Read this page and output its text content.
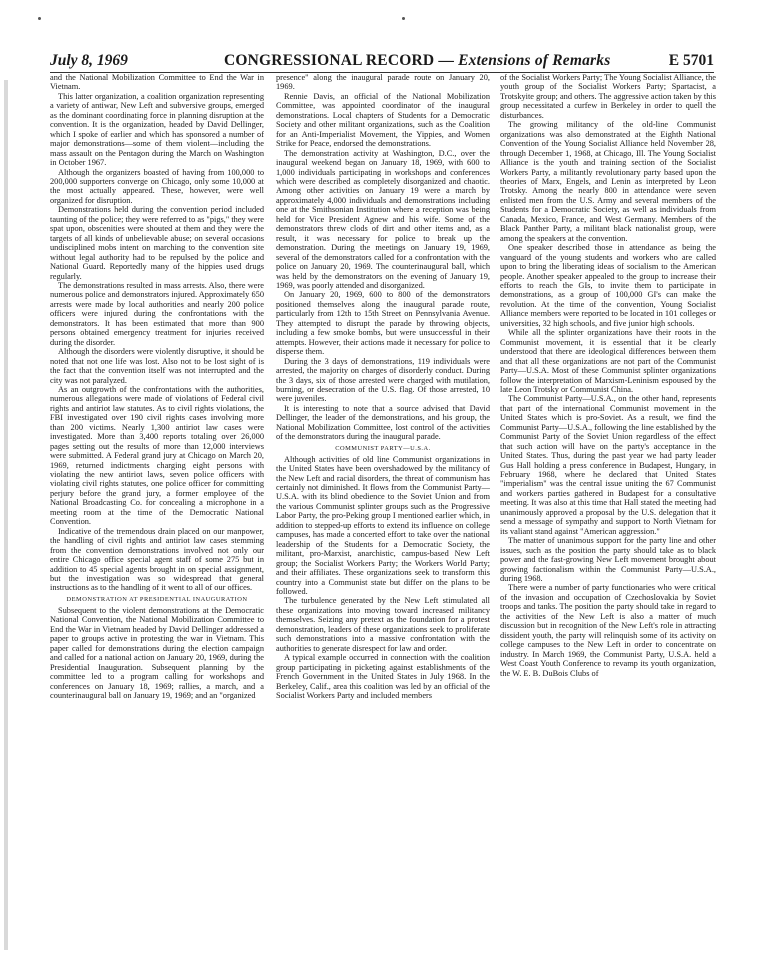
July 8, 1969	CONGRESSIONAL RECORD — Extensions of Remarks	E 5701

and the National Mobilization Committee to End the War in Vietnam.

This latter organization, a coalition organization representing a variety of antiwar, New Left and subversive groups, emerged as the dominant coordinating force in planning disruption at the convention. It is the organization, headed by David Dellinger, which I spoke of earlier and which has sponsored a number of major demonstrations—some of them violent—including the mass assault on the Pentagon during the March on Washington in October 1967.

Although the organizers boasted of having from 100,000 to 200,000 supporters converge on Chicago, only some 10,000 at the most actually appeared. These, however, were well organized for disruption.

Demonstrations held during the convention period included taunting of the police; they were referred to as "pigs," they were spat upon, obscenities were shouted at them and they were the targets of all kinds of unbelievable abuse; on several occasions undisciplined mobs intent on marching to the convention site without legal authority had to be repulsed by the police and National Guard. Reportedly many of the hippies used drugs regularly.

The demonstrations resulted in mass arrests. Also, there were numerous police and demonstrators injured. Approximately 650 arrests were made by local authorities and nearly 200 police officers were injured during the confrontations with the demonstrators. It has been estimated that more than 900 persons obtained emergency treatment for injuries received during the disorder.

Although the disorders were violently disruptive, it should be noted that not one life was lost. Also not to be lost sight of is the fact that the convention itself was not interrupted and the city was not paralyzed.

As an outgrowth of the confrontations with the authorities, numerous allegations were made of violations of Federal civil rights and antiriot law statutes. As to civil rights violations, the FBI investigated over 190 civil rights cases involving more than 200 victims. Nearly 1,300 antiriot law cases were investigated. More than 3,400 reports totaling over 26,000 pages setting out the results of more than 12,000 interviews were submitted. A Federal grand jury at Chicago on March 20, 1969, returned indictments charging eight persons with violating the new antiriot laws, seven police officers with violating civil rights statutes, one police officer for committing perjury before the grand jury, a former employee of the National Broadcasting Co. for concealing a microphone in a meeting room at the time of the Democratic National Convention.

Indicative of the tremendous drain placed on our manpower, the handling of civil rights and antiriot law cases stemming from the convention demonstrations involved not only our entire Chicago office special agent staff of some 275 but in addition to 45 special agents brought in on special assignment, but the investigation was so widespread that general instructions as to the handling of it went to all of our offices.

DEMONSTRATION AT PRESIDENTIAL INAUGURATION

Subsequent to the violent demonstrations at the Democratic National Convention, the National Mobilization Committee to End the War in Vietnam headed by David Dellinger addressed a paper to groups active in protesting the war in Vietnam. This paper called for demonstrations during the election campaign and called for a national action on January 20, 1969, during the Presidential Inauguration. Subsequent planning by the committee led to a program calling for workshops and conferences on January 18, 1969; rallies, a march, and a counterinaugural ball on January 19, 1969; and an "organized

presence" along the inaugural parade route on January 20, 1969.

Rennie Davis, an official of the National Mobilization Committee, was appointed coordinator of the inaugural demonstrations. Local chapters of Students for a Democratic Society and other militant organizations, such as the Coalition for an Anti-Imperialist Movement, the Yippies, and Women Strike for Peace, endorsed the demonstrations.

The demonstration activity at Washington, D.C., over the inaugural weekend began on January 18, 1969, with 600 to 1,000 individuals participating in workshops and conferences which were described as completely disorganized and chaotic. Among other activities on January 19 were a march by approximately 4,000 individuals and demonstrations including one at the Smithsonian Institution where a reception was being held for Vice President Agnew and his wife. Some of the demonstrators threw clods of dirt and other items and, as a result, it was necessary for police to break up the demonstration. During the meetings on January 19, 1969, several of the demonstrators called for a confrontation with the police on January 20, 1969. The counterinaugural ball, which was held by the demonstrators on the evening of January 19, 1969, was poorly attended and disorganized.

On January 20, 1969, 600 to 800 of the demonstrators positioned themselves along the inaugural parade route, particularly from 12th to 15th Street on Pennsylvania Avenue. They attempted to disrupt the parade by throwing objects, including a few smoke bombs, but were unsuccessful in their attempts. However, their actions made it necessary for police to disperse them.

During the 3 days of demonstrations, 119 individuals were arrested, the majority on charges of disorderly conduct. During the 3 days, six of those arrested were charged with mutilation, burning, or desecration of the U.S. flag. Of those arrested, 10 were juveniles.

It is interesting to note that a source advised that David Dellinger, the leader of the demonstrations, and his group, the National Mobilization Committee, lost control of the activities of the demonstrators during the inaugural parade.

COMMUNIST PARTY—U.S.A.

Although activities of old line Communist organizations in the United States have been overshadowed by the militancy of the New Left and racial disorders, the threat of communism has certainly not diminished. It flows from the Communist Party—U.S.A. with its blind obedience to the Soviet Union and from the various Communist splinter groups such as the Progressive Labor Party, the pro-Peking group I mentioned earlier which, in addition to stepped-up efforts to extend its influence on college campuses, has made a concerted effort to take over the national leadership of the Students for a Democratic Society, the militant, pro-Marxist, anarchistic, campus-based New Left group; the Socialist Workers Party; the Workers World Party; and their affiliates. These organizations seek to transform this country into a Communist state but differ on the plans to be followed.

The turbulence generated by the New Left stimulated all these organizations into moving toward increased militancy themselves. Seizing any pretext as the foundation for a protest demonstration, leaders of these organizations seek to proliferate such demonstrations into a massive confrontation with the authorities to generate disrespect for law and order.

A typical example occurred in connection with the coalition group participating in picketing against establishments of the French Government in the United States in July 1968. In the Berkeley, Calif., area this coalition was led by an official of the Socialist Workers Party and included members

of the Socialist Workers Party; The Young Socialist Alliance, the youth group of the Socialist Workers Party; Spartacist, a Trotskyite group; and others. The aggressive action taken by this group necessitated a curfew in Berkeley in order to quell the disturbances.

The growing militancy of the old-line Communist organizations was also demonstrated at the Eighth National Convention of the Young Socialist Alliance held November 28, through December 1, 1968, at Chicago, Ill. The Young Socialist Alliance is the youth and training section of the Socialist Workers Party, a militantly revolutionary party based upon the theories of Marx, Engels, and Lenin as interpreted by Leon Trotsky. Among the nearly 800 in attendance were seven enlisted men from the U.S. Army and several members of the Students for a Democratic Society, as well as individuals from Canada, Mexico, France, and West Germany. Members of the Black Panther Party, a militant black nationalist group, were among the speakers at the convention.

One speaker described those in attendance as being the vanguard of the young students and workers who are called upon to bring the liberating ideas of socialism to the American people. Another speaker appealed to the group to increase their efforts to reach the GIs, to invite them to participate in demonstrations, as a group of 100,000 GI's can make the revolution. At the time of the convention, Young Socialist Alliance members were reported to be located in 101 colleges or universities, 32 high schools, and five junior high schools.

While all the splinter organizations have their roots in the Communist movement, it is essential that it be clearly understood that there are ideological differences between them and that all these organizations are not part of the Communist Party—U.S.A. Most of these Communist splinter organizations follow the interpretation of Marxism-Leninism espoused by the late Leon Trotsky or Communist China.

The Communist Party—U.S.A., on the other hand, represents that part of the international Communist movement in the United States which is pro-Soviet. As a result, we find the Communist Party—U.S.A., following the line established by the Communist Party of the Soviet Union regardless of the effect that such action will have on the party's acceptance in the United States. Thus, during the past year we had party leader Gus Hall holding a press conference in Budapest, Hungary, in February 1968, where he declared that United States "imperialism" was the central issue uniting the 67 Communist and workers parties gathered in Budapest for a consultative meeting. It was also at this time that Hall stated the meeting had unanimously approved a proposal by the U.S. delegation that it send a message of sympathy and support to North Vietnam for its valiant stand against "American aggression."

The matter of unanimous support for the party line and other issues, such as the position the party should take as to black power and the fast-growing New Left movement brought about growing factionalism within the Communist Party—U.S.A., during 1968.

There were a number of party functionaries who were critical of the invasion and occupation of Czechoslovakia by Soviet troops and tanks. The position the party should take in regard to the activities of the New Left is also a matter of much discussion but in recognition of the New Left's role in attracting dissident youth, the party will relinquish some of its activity on college campuses to the New Left in order to concentrate on industry. In March 1969, the Communist Party, U.S.A. held a West Coast Youth Conference to revamp its youth organization, the W. E. B. DuBois Clubs of
